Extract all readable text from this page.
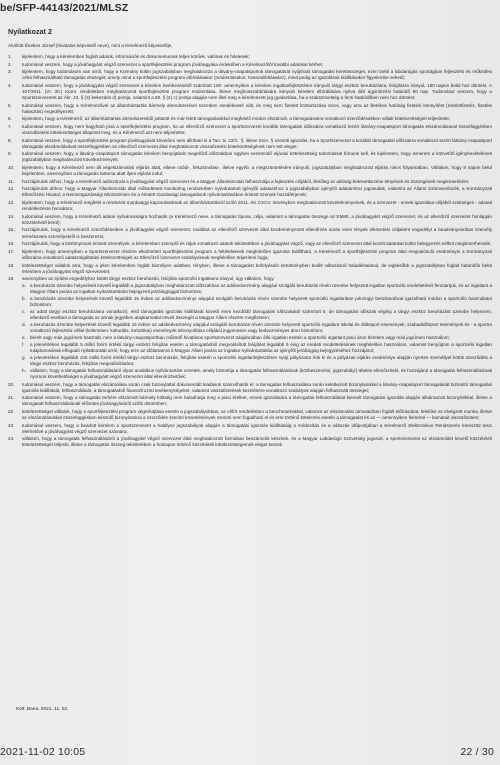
be/SFP-44143/2021/MLSZ
Nyilatkozat 2
Alulírott Énekes József (hivatalos képviselő neve), mint a Kérelmező képviselője,
1.	kijelentem, hogy a kérelemben foglalt adatok, információk és dokumentumok teljes körűek, valósak és hitelesek;
2.	tudomásul veszem, hogy a jóváhagyást végző szervezet a sportfejlesztési program jóváhagyása érdekében a Kérelmezőtől további adatokat kérhet;
3.	kijelentem, hogy tudomásom van arról, hogy a Kormány külön jogszabályban meghatározza a látvány-csapatsportok támogatását nyújtható támogatási keretösszeget, ezen belül a labdarúgás sportágban fejlesztési és működési célra felhasználható támogatás összegét, amely mind a sportfejlesztési program elbírálásakor (módosításakor, hosszabbításakor), mind pedig az igazolások kiállításakor figyelembe vehető;
4.	tudomásul veszem, hogy a jóváhagyást végző szervezet a kérelem beérkezésétől számított 150- amennyiben a kérelem ingatlanfejlesztésre irányuló tárgyi eszköz beruházásra, felújításra irányul, 180 napon belül hoz döntést. A 107/2011. (VI. 30.) Korm. rendeletben meghatározott sportfejlesztési program módosítása, illetve meghosszabbítására irányuló kérelem elbírálására nyitva álló ügyintézési határidő 90 nap. Tudomásul veszem, hogy a Sportszervezetet az Ákr. 43. § (3) bekezdés d) pontja, valamint a 80. § (2) c) pontja alapján nem illeti meg a kérelmezett jog gyakorlása, ha a szakszövetség a fenti határidőben nem hoz döntést;
5.	tudomásul veszem, hogy a Kérelmezővel az államháztartás bármely alrendszerével szemben esedékessé vált, és meg nem fizetett köztartozása nincs, vagy arra az illetékes hatóság fizetési könnyítést (részletfizetés, fizetési halasztás) engedélyezett;
6.	kijelentem, hogy a Kérelmező, az államháztartás alrendszereiből juttatott és már felett támogatásokkal megfelelő módon elszámolt, a támogatásokra vonatkozó szerződésekben vállalt kötelezettségeit teljesítette;
7.	tudomásul veszem, hogy nem hagyható jóvá a sportfejlesztési program, ha az ellenőrző szervezet a sportszervezet korábbi támogatási időszakra vonatkozó tezért látvány-csapatsport támogatás elszámolásával összefüggésben visszafizetési kötelezettséget állapított meg, és a Kérelmező azt nem teljesítette;
8.	tudomásul veszem, hogy a sportfejlesztési program jóváhagyását követően nem állítható ki a Tao. tv. 22/C. §, illetve 24/A. § szerinti igazolás, ha a Sportszervezet a korábbi támogatási időszakra vonatkozó tezért látvány-csapatsport támogatás elszámolásával összefüggésben az ellenőrző szervezet által meghatározott visszafizetési kötelezettségének nem tett eleget;
9.	tudomásul veszem, hogy a látvány-csapatsport támogatás kérelem benyújtását megelőző időszakban ügyben vezetendő eljárási kötelezettség tudomással bírnunk kell, és kijelentem, hogy ismerem a közvetítő igénybevételének jogszabályban meghatározott következményeit;
10.	kijelentem, hogy a Kérelmező nem áll végelszámolási eljárás alatt, ellene csődi-, felszámolási-, illetve egyéb, a megszüntetésére irányuló, jogszabályban meghatározott eljárás nincs folyamatban. Vállalom, hogy 8 napon belül bejelentem, amennyiben a támogatás tartama alatt ilyen eljárás indul;
11.	hozzájárulok ahhoz, hogy a Kérelmező adószámát a jóváhagyást végző szervezet és a Magyar Államkincstár felhasználja a fejlesztés céljából, illetőleg az adóság bekövetkezése tényének és összegének megismerésére;
12.	hozzájárulok ahhoz, hogy a Magyar Államkincstár által működtetett monitoring rendszerben nyilvántartott igénylői adataimhoz a jogszabályban igénylői adataimhoz jogosultak, valamint az Állami Számvevőszék, a Kormányzati Ellenőrzési Hivatal, a Nemzetgazdasági Minisztérium és a érintett Gazdasági támogatások nyilvántartásában érintett szervek hozzáférjenek;
13.	kijelentem, hogy a Kérelmező megfelel a rendezett munkaügyi kapcsolatoknak az államháztartásról szóló 2011. évi CXCV. törvényben meghatározott követelményeinek, és a szervezet - ennek igazolása céljából szükséges - adatait rendelkezésre bocsátom;
14.	tudomásul veszem, hogy a Kérelmező adatai nyilvánosságra hozhatók (a Kérelmező neve, a támogatás típusa, célja, valamint a támogatás összege az EMMI, a jóváhagyást végző szervezet, és az ellenőrző szervezet honlapján közzétehető kerül);
15.	hozzájárulok, hogy a Kérelmező szerződéseiben a jóváhagyást végző szervezet, továbbá az ellenőrző szervezet által kezdeményezett ellenőrzés során ezen tények elkövetési céljaként engedélyt a beadványaimban személy természetes személyekről is beszerezni;
16.	hozzájárulok, hogy a közlönyrovat érintett személyek, a kérelemben szereplő és rájuk vonatkozó adatok tekintetében a jóváhagyást végző, vagy az ellenőrző szervezet által kezelt adatokat külön belegyezés nélkül megismerhessék;
17.	kijelentem, hogy amennyiben a Sportszervezet részére elkülönített sportfejlesztési program a feltételeknek megfelelően igazolás kiállítható, a Kérelmező a sportfejlesztési program által megvalósuló eredményei a Kormányzati időszakra vonatkozó adatszolgáltatási kötelezettségeit az Ellenőrző szervezet szabályoknak megfelelően teljesíteni fogja;
18.	kötelezettséget vállalok arra, hogy a jelen kérelemben foglalt bármilyen adatban, tényben, illetve a támogatást befolyásoló körülményben beállt változásról haladéktalanul, de legkésőbb a jogszabályban foglalt határidőn belül értesítem a jóváhagyást végző szervezetet;
19.	amennyiben az építési engedélyhez kötött tárgyi eszköz beruházás, felújítás sportcélú ingatlanra irányul, úgy vállalom, hogy
a. a beruházás üzembe helyezését követő legalább a jogszabályban meghatározott időszakban az adókedvezmény alapjául szolgáló beruházás révén üzembe helyezett ingatlan sportcélú rendeltetését fenntartjuk, és az ingatlant a Magyar Állam javára az ingatlan-nyilvántartásba bejegyzett jelzálogjoggal biztosítom;
b. a beruházás üzembe helyezését követő legalább 15 évben az adókedvezményt alapjául szolgáló beruházás révén üzembe helyezett sportcélú ingatlanban pénzügyi beszámolóval igazolható módon a sportcélú használatot biztosítom;
c. az adott tárgyi eszköz beruházásra vonatkozó, első támogatási igazolás kiállítását követő éven kezdődő támogatási időszakától számított 5, de támogatási időszak végéig a tárgyi eszköz beruházást üzembe helyezem, ellenkező esetben a támogatás az annak jegyében alapkamattal növelt összegét a Magyar Állam részére megfizetem;
d. a beruházás üzembe helyezését követő legalább 15 évben az adókedvezmény alapjául szolgáló beruházás révén üzembe helyezett sportcélú ingatlant iskolai és diáksport események, szabadidősport események és - a sportra vonatkozó fejlesztési céllal (különösen: kulturális, turisztikai) események lebonyolítása céljából ingyenesen vagy kedvezményes áron biztosítom;
e. bérelt vagy más jogcímen használt, nem a látvány-csapatsportban működő hivatásos sportszervezet tulajdonában álló ingatlan esetén a sportcélú ingatlant piaci áron bérelem vagy más jogcímen használom;
f. a jelenértéken legalább 5 millió forint értékű tárgyi eszköz felújítás esetén a támogatásból megvalósított felújítást legalább 5 évig az eredeti rendeltetésének megfelelően használom, valamint benyújtom a sportcélú ingatlan tulajdonosának elfogadó nyilatkozatát arról, hogy erre az időtartamra a Magyar Állam javára az ingatlan-nyilvántartásba az igénylőt jelzálogjog bejegyzéséhez hozzájárul;
g. a jelenértéken legalább 100 millió forint értékű tárgyi eszköz beruházás, felújítás esetén a sportcélú ingatlanfejlesztésre nyújt pályázatot írok ki és a pályázati eljárás eredménye alapján nyertes személlyel kötök szerződést a tárgyi eszköz beruházás, felújítás megvalósítására;
h. vállalom, hogy a támogatás felhasználásáról olyan analitikus nyilvántartást vezetek, amely biztosítja a támogatás felhasználásának (közbeszerzési, jogszabályi) tételes ellenőrzését, és hozzájárul a támogatás felhasználásának nyomon követhetőséget a jóváhagyást végző szervezet által ellenőrizhetőek;
20.	tudomásul veszem, hogy a támogatás elszámolása során csak bizonylattal dokumentált kiadások számolhatók el, a támogatás felhasználása során keletkezett bizonylatokkal a látvány-csapatsport támogatását biztosító támogatási igazolás kiállítását, felhasználását, a támogatásból finanszírozott tevékenységeket, valamint visszafizetések kezelésére vonatkozó szabályok alapján felhasznált összeget;
21.	tudomásul veszem, hogy a támogatás terhére elszámolt bármely költség nem haladhatja meg a piaci értéket, ennek igazolására a támogatás felhasználását kiemelt támogatási igazolás alapján alkalmazott bizonyítékkal, illetve a támogatott felhasználásának előzetes jóváhagyásáról szóló döntésben;
22.	kötelezettséget vállalok, hogy a sportfejlesztési program végrehajtása esetén a jogszabályokban, az előírt rendelésben a benchmarkokkal, valamint az elszámolási útmutatóban foglalt előírásokat, felelőse az elvégzett munka, illetve az elszámolásokkal összefüggésben készülő bizonylatokra a szerződés szerinti követelmények szerinti nem fogadható el és erre történő kötelezés esetén a támogatást és az — amennyiben felmerül — kamatait visszafizetem;
23.	tudomásul veszem, hogy a beadott kérelem a sportszervezet a hatályos jogszabályok alapján a támogatási igazolás kiállításáig a módosítás és a változás időpontjában a Kérelmező Elektronikus Rendszerén keresztül teszi elérhetővé a jóváhagyást végző szervezet számára;
24.	vállalom, hogy a támogatás felhasználásáról a jóváhagyást végző szervezet által meghatározott formában beszámolót készítek, és a Magyar Labdarúgó Szövetség jogosult, a sportszervezet az elszámolást követő közzétételi kötelezettségét teljesíti, illetve a támogatás összeg tekintetében a honlapon történő közzétételi kötelezettségemek eleget teszek.
Kelt: Bana, 2021. 11. 02.
2021-11-02 10:05	22 / 30
